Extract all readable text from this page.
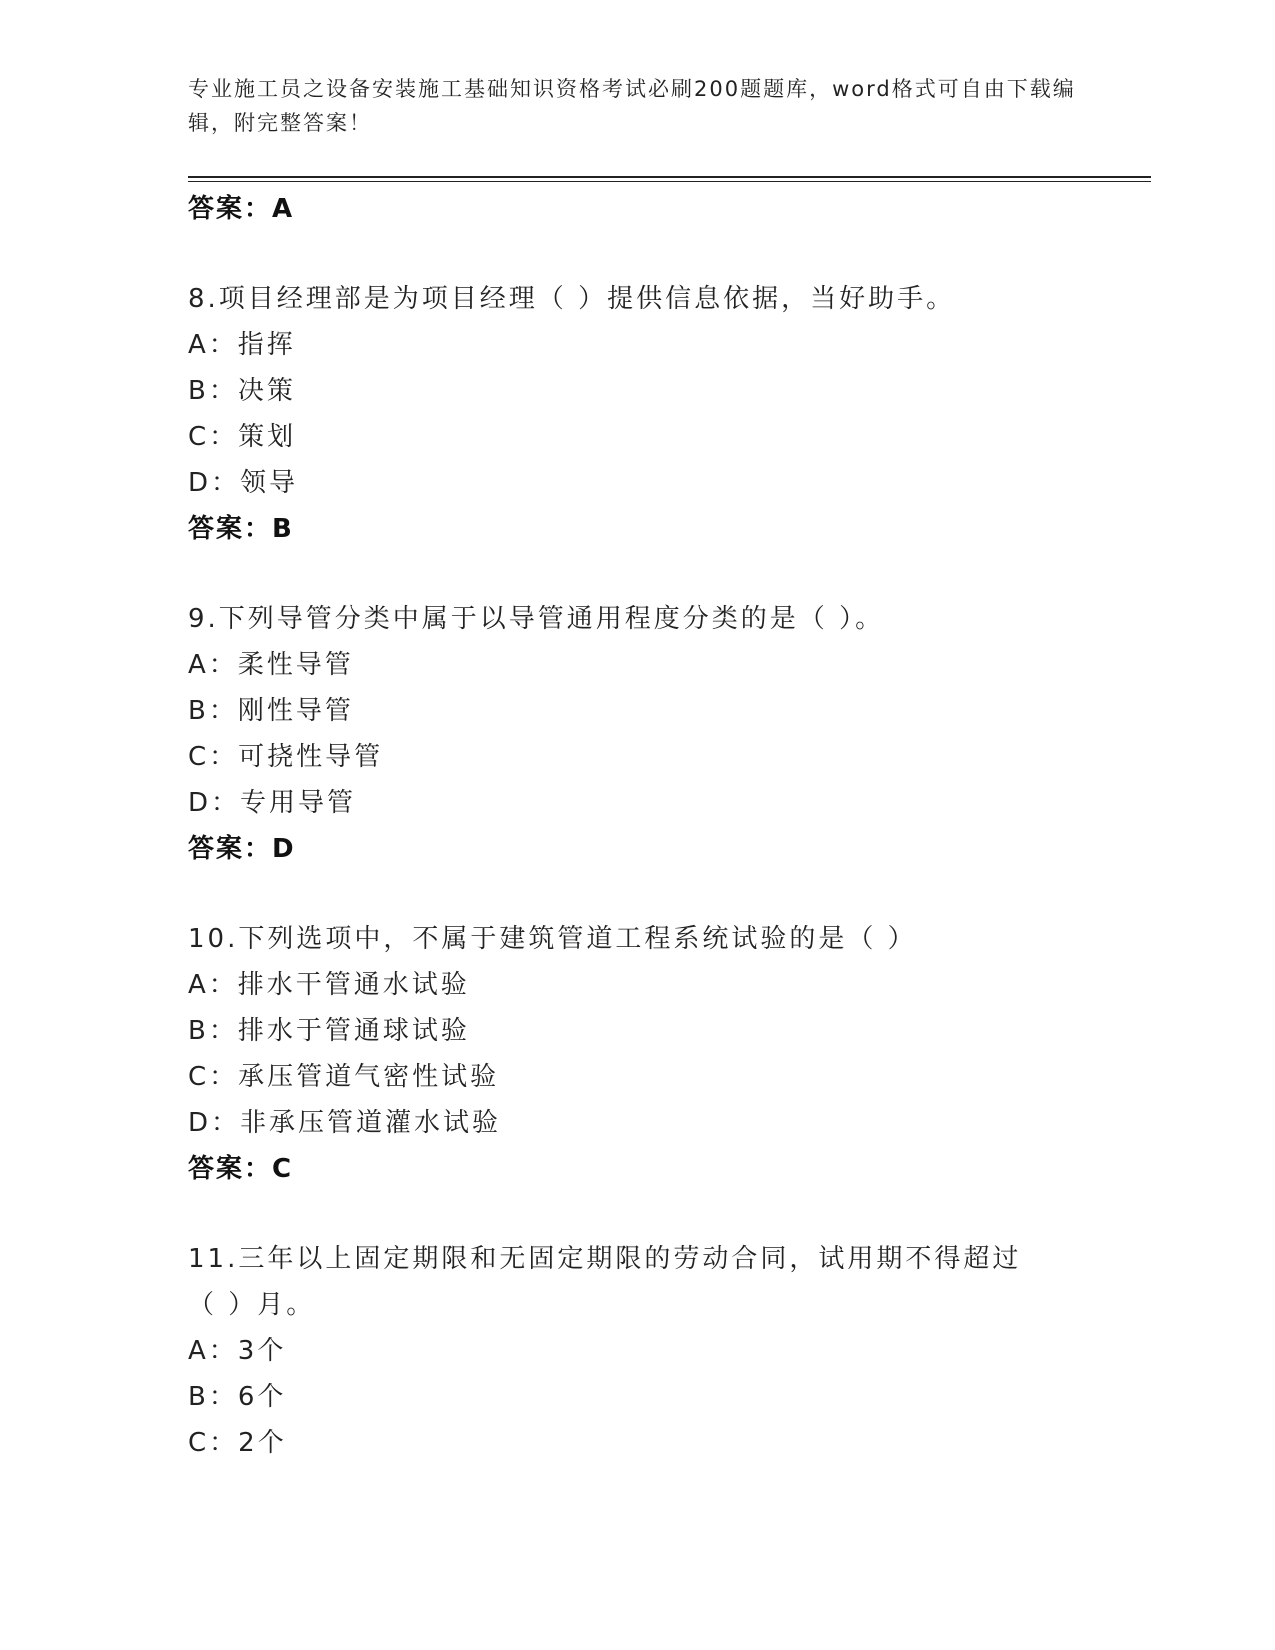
专业施工员之设备安装施工基础知识资格考试必刷200题题库，word格式可自由下载编辑，附完整答案！
答案：A
8.项目经理部是为项目经理（ ）提供信息依据，当好助手。
A：指挥
B：决策
C：策划
D：领导
答案：B
9.下列导管分类中属于以导管通用程度分类的是（ ）。
A：柔性导管
B：刚性导管
C：可挠性导管
D：专用导管
答案：D
10.下列选项中，不属于建筑管道工程系统试验的是（ ）
A：排水干管通水试验
B：排水于管通球试验
C：承压管道气密性试验
D：非承压管道灌水试验
答案：C
11.三年以上固定期限和无固定期限的劳动合同，试用期不得超过（ ）月。
A：3个
B：6个
C：2个
